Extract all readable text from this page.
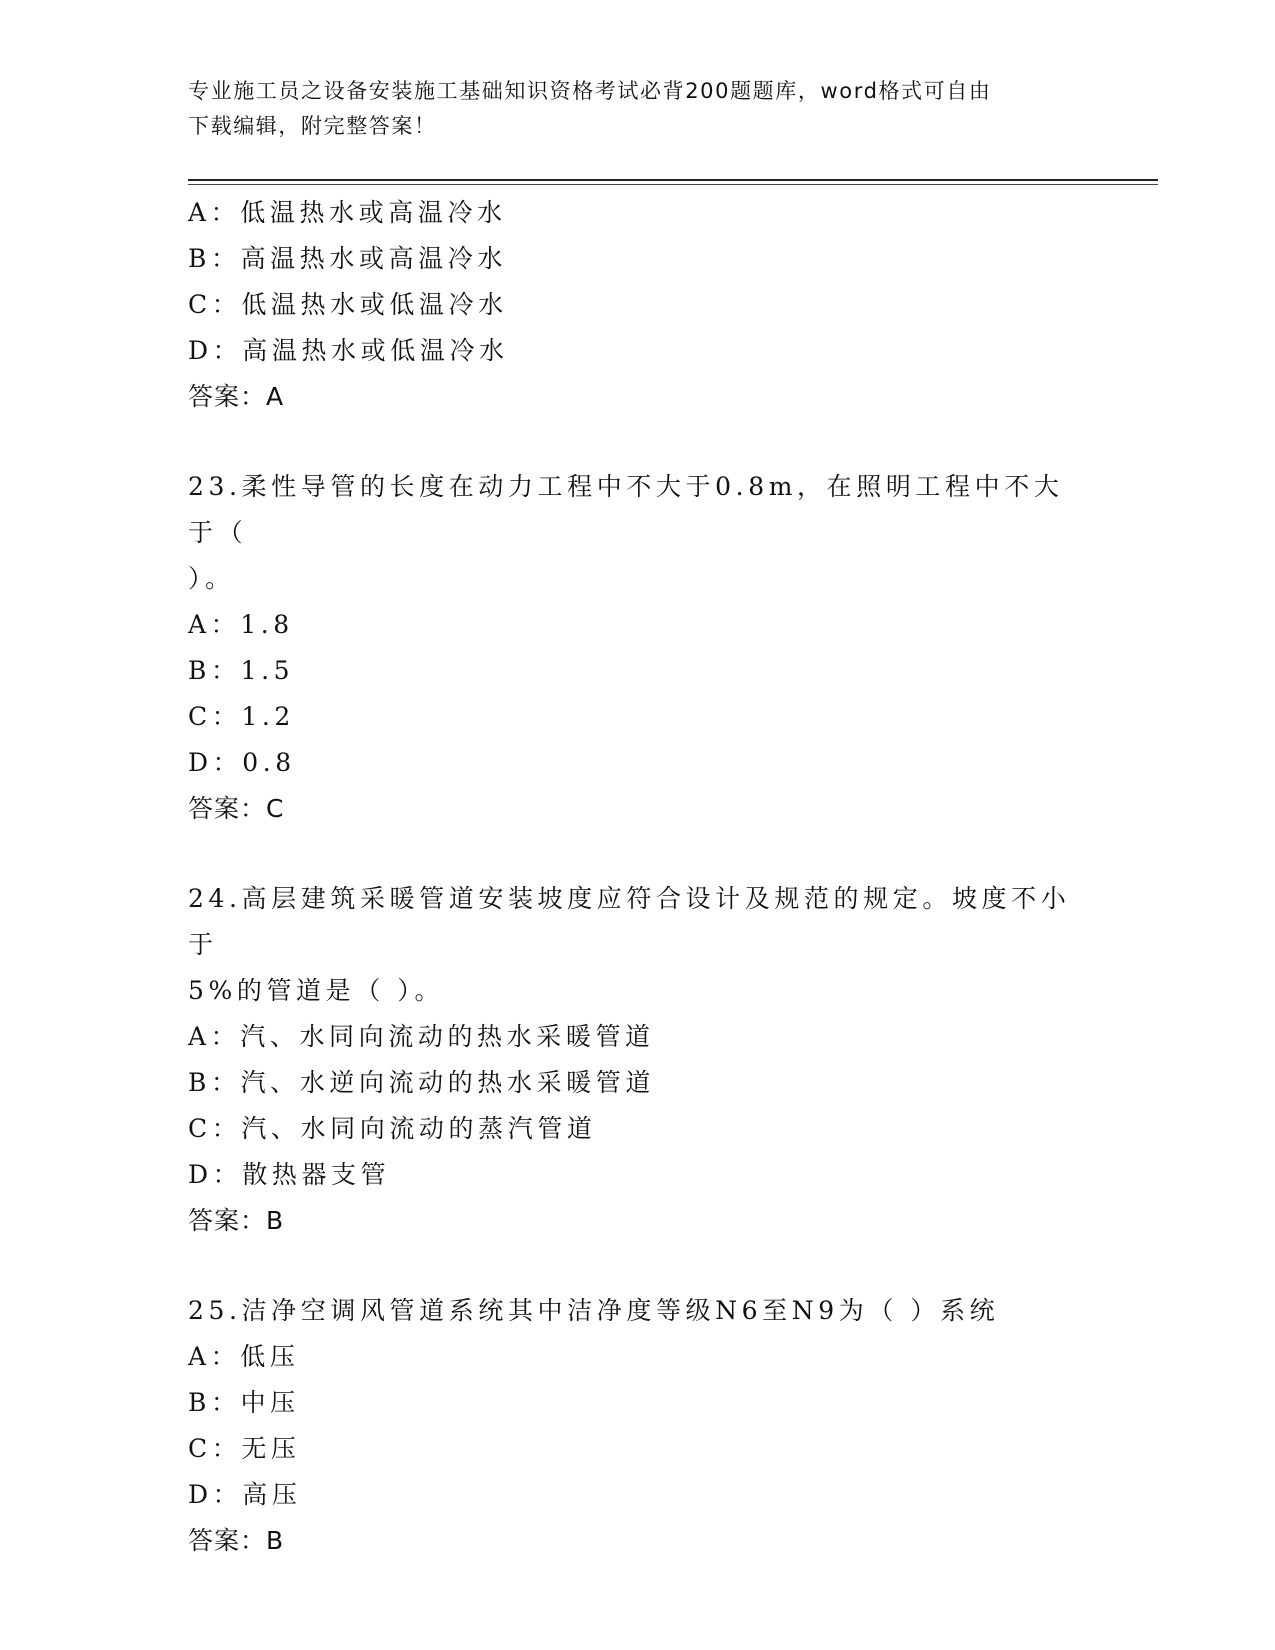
专业施工员之设备安装施工基础知识资格考试必背200题题库，word格式可自由
下载编辑，附完整答案！
A：低温热水或高温冷水
B：高温热水或高温冷水
C：低温热水或低温冷水
D：高温热水或低温冷水
答案：A
23.柔性导管的长度在动力工程中不大于0.8m，在照明工程中不大于（
）。
A：1.8
B：1.5
C：1.2
D：0.8
答案：C
24.高层建筑采暖管道安装坡度应符合设计及规范的规定。坡度不小于
5%的管道是（ ）。
A：汽、水同向流动的热水采暖管道
B：汽、水逆向流动的热水采暖管道
C：汽、水同向流动的蒸汽管道
D：散热器支管
答案：B
25.洁净空调风管道系统其中洁净度等级N6至N9为（ ）系统
A：低压
B：中压
C：无压
D：高压
答案：B
